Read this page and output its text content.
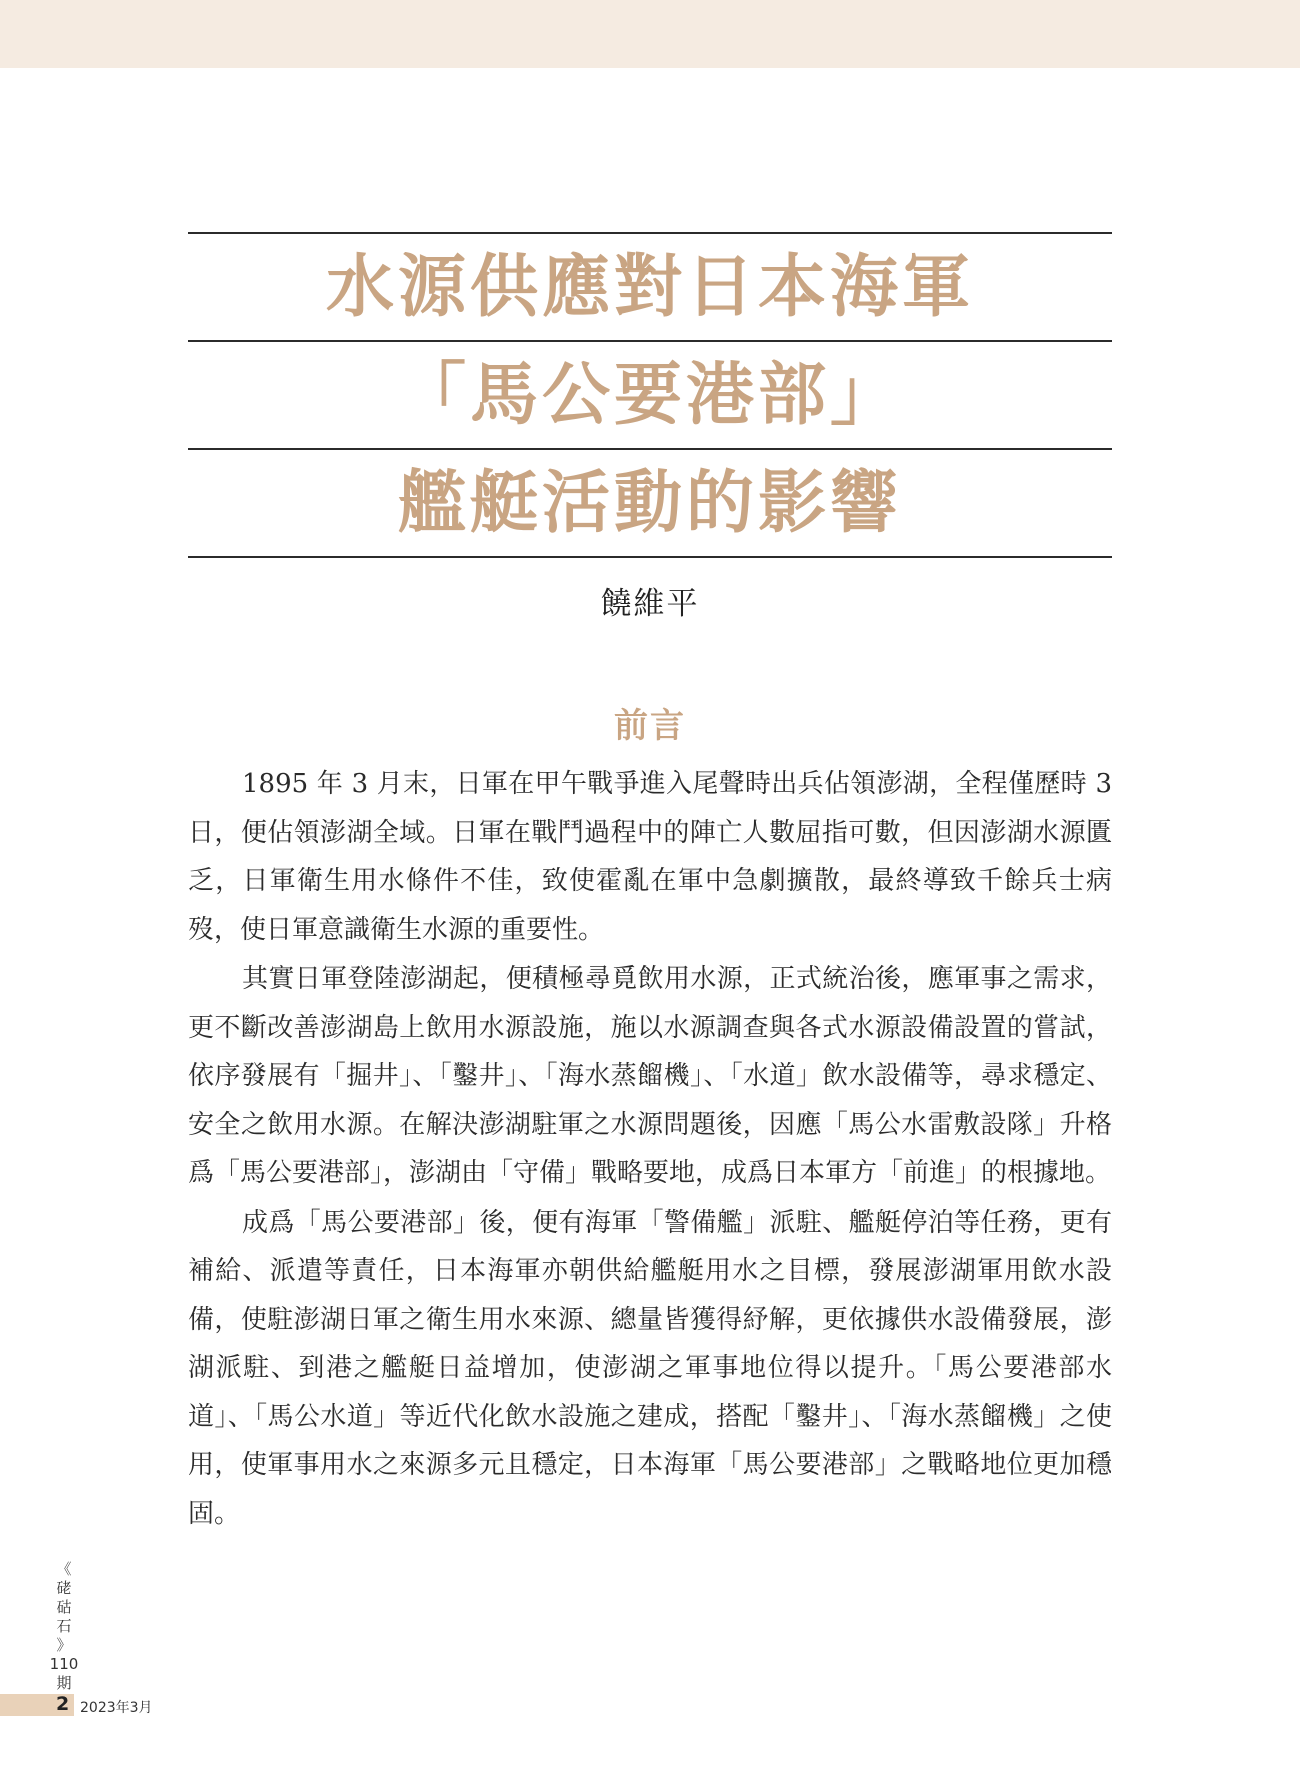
水源供應對日本海軍
「馬公要港部」
艦艇活動的影響
饒維平
前言

1895 年 3 月末，日軍在甲午戰爭進入尾聲時出兵佔領澎湖，全程僅歷時 3 日，便佔領澎湖全域。日軍在戰鬥過程中的陣亡人數屈指可數，但因澎湖水源匱乏，日軍衛生用水條件不佳，致使霍亂在軍中急劇擴散，最終導致千餘兵士病歿，使日軍意識衛生水源的重要性。

其實日軍登陸澎湖起，便積極尋覓飲用水源，正式統治後，應軍事之需求，更不斷改善澎湖島上飲用水源設施，施以水源調查與各式水源設備設置的嘗試，依序發展有「掘井」、「鑿井」、「海水蒸餾機」、「水道」飲水設備等，尋求穩定、安全之飲用水源。在解決澎湖駐軍之水源問題後，因應「馬公水雷敷設隊」升格爲「馬公要港部」，澎湖由「守備」戰略要地，成爲日本軍方「前進」的根據地。

成爲「馬公要港部」後，便有海軍「警備艦」派駐、艦艇停泊等任務，更有補給、派遣等責任，日本海軍亦朝供給艦艇用水之目標，發展澎湖軍用飲水設備，使駐澎湖日軍之衛生用水來源、總量皆獲得紓解，更依據供水設備發展，澎湖派駐、到港之艦艇日益增加，使澎湖之軍事地位得以提升。「馬公要港部水道」、「馬公水道」等近代化飲水設施之建成，搭配「鑿井」、「海水蒸餾機」之使用，使軍事用水之來源多元且穩定，日本海軍「馬公要港部」之戰略地位更加穩固。

《
硓
𥑮
石
》
110
期
2 2023年3月
